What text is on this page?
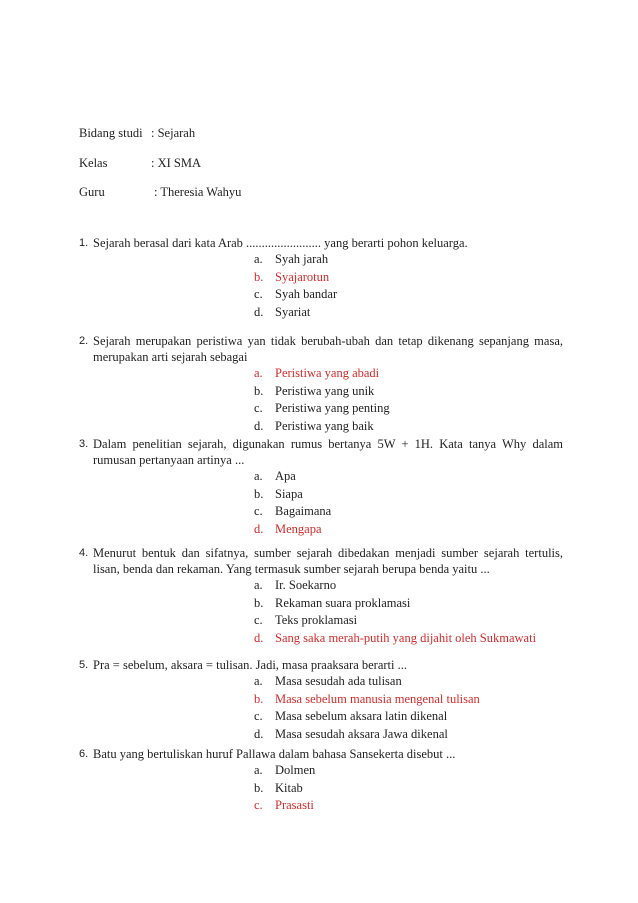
Bidang studi : Sejarah
Kelas	: XI SMA
Guru	: Theresia Wahyu
1. Sejarah berasal dari kata Arab ........................ yang berarti pohon keluarga.
a. Syah jarah
b. Syajarotun
c. Syah bandar
d. Syariat
2. Sejarah merupakan peristiwa yan tidak berubah-ubah dan tetap dikenang sepanjang masa, merupakan arti sejarah sebagai
a. Peristiwa yang abadi
b. Peristiwa yang unik
c. Peristiwa yang penting
d. Peristiwa yang baik
3. Dalam penelitian sejarah, digunakan rumus bertanya 5W + 1H. Kata tanya Why dalam rumusan pertanyaan artinya ...
a. Apa
b. Siapa
c. Bagaimana
d. Mengapa
4. Menurut bentuk dan sifatnya, sumber sejarah dibedakan menjadi sumber sejarah tertulis, lisan, benda dan rekaman. Yang termasuk sumber sejarah berupa benda yaitu ...
a. Ir. Soekarno
b. Rekaman suara proklamasi
c. Teks proklamasi
d. Sang saka merah-putih yang dijahit oleh Sukmawati
5. Pra = sebelum, aksara = tulisan. Jadi, masa praaksara berarti ...
a. Masa sesudah ada tulisan
b. Masa sebelum manusia mengenal tulisan
c. Masa sebelum aksara latin dikenal
d. Masa sesudah aksara Jawa dikenal
6. Batu yang bertuliskan huruf Pallawa dalam bahasa Sansekerta disebut ...
a. Dolmen
b. Kitab
c. Prasasti
